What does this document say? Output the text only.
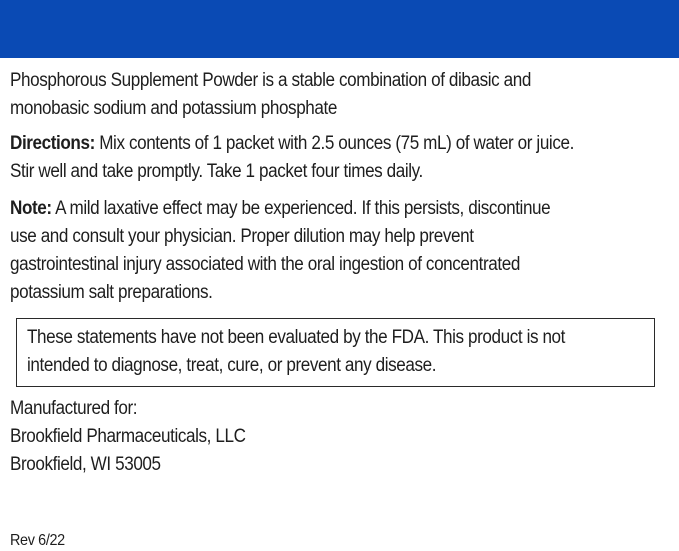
Phosphorous Supplement Powder is a stable combination of dibasic and
monobasic sodium and potassium phosphate
Directions: Mix contents of 1 packet with 2.5 ounces (75 mL) of water or juice.
Stir well and take promptly. Take 1 packet four times daily.
Note: A mild laxative effect may be experienced. If this persists, discontinue
use and consult your physician. Proper dilution may help prevent
gastrointestinal injury associated with the oral ingestion of concentrated
potassium salt preparations.
These statements have not been evaluated by the FDA. This product is not
intended to diagnose, treat, cure, or prevent any disease.
Manufactured for:
Brookfield Pharmaceuticals, LLC
Brookfield, WI 53005
Rev 6/22
